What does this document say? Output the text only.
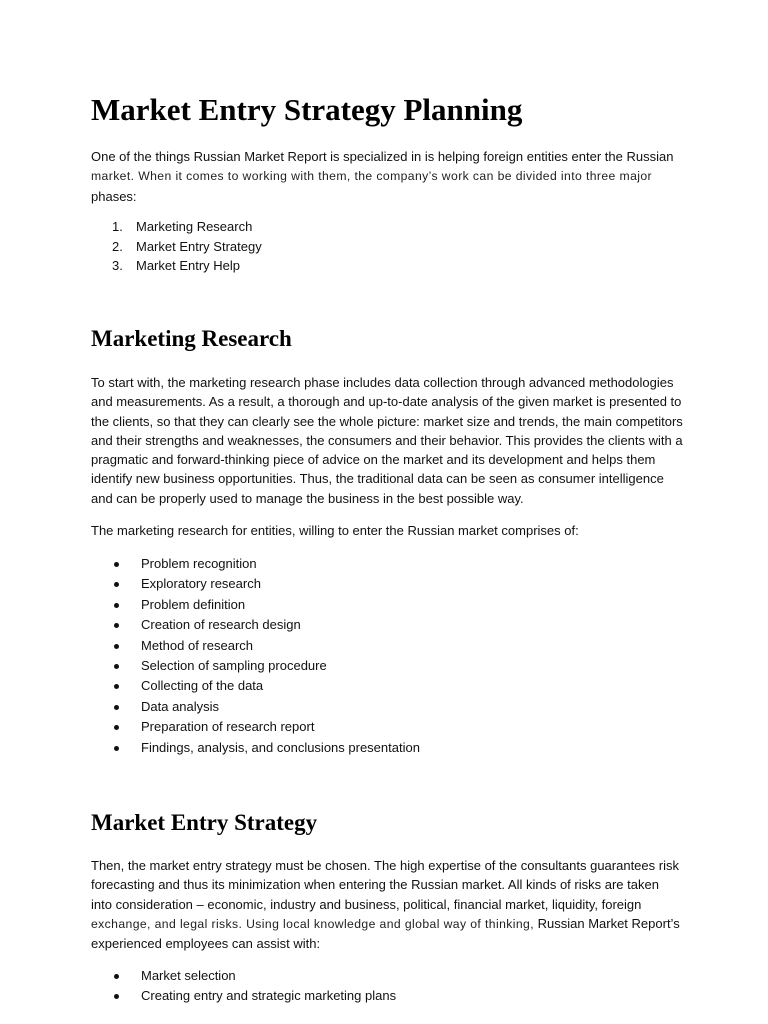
Market Entry Strategy Planning

One of the things Russian Market Report is specialized in is helping foreign entities enter the Russian
market. When it comes to working with them, the company’s work can be divided into three major
phases:

1. Marketing Research
2. Market Entry Strategy
3. Market Entry Help
Marketing Research

To start with, the marketing research phase includes data collection through advanced methodologies and measurements. As a result, a thorough and up-to-date analysis of the given market is presented to the clients, so that they can clearly see the whole picture: market size and trends, the main competitors and their strengths and weaknesses, the consumers and their behavior. This provides the clients with a pragmatic and forward-thinking piece of advice on the market and its development and helps them identify new business opportunities. Thus, the traditional data can be seen as consumer intelligence and can be properly used to manage the business in the best possible way.

The marketing research for entities, willing to enter the Russian market comprises of:

Problem recognition
Exploratory research
Problem definition
Creation of research design
Method of research
Selection of sampling procedure
Collecting of the data
Data analysis
Preparation of research report
Findings, analysis, and conclusions presentation
Market Entry Strategy

Then, the market entry strategy must be chosen. The high expertise of the consultants guarantees risk forecasting and thus its minimization when entering the Russian market. All kinds of risks are taken into consideration – economic, industry and business, political, financial market, liquidity, foreign exchange, and legal risks. Using local knowledge and global way of thinking, Russian Market Report’s experienced employees can assist with:

Market selection
Creating entry and strategic marketing plans
